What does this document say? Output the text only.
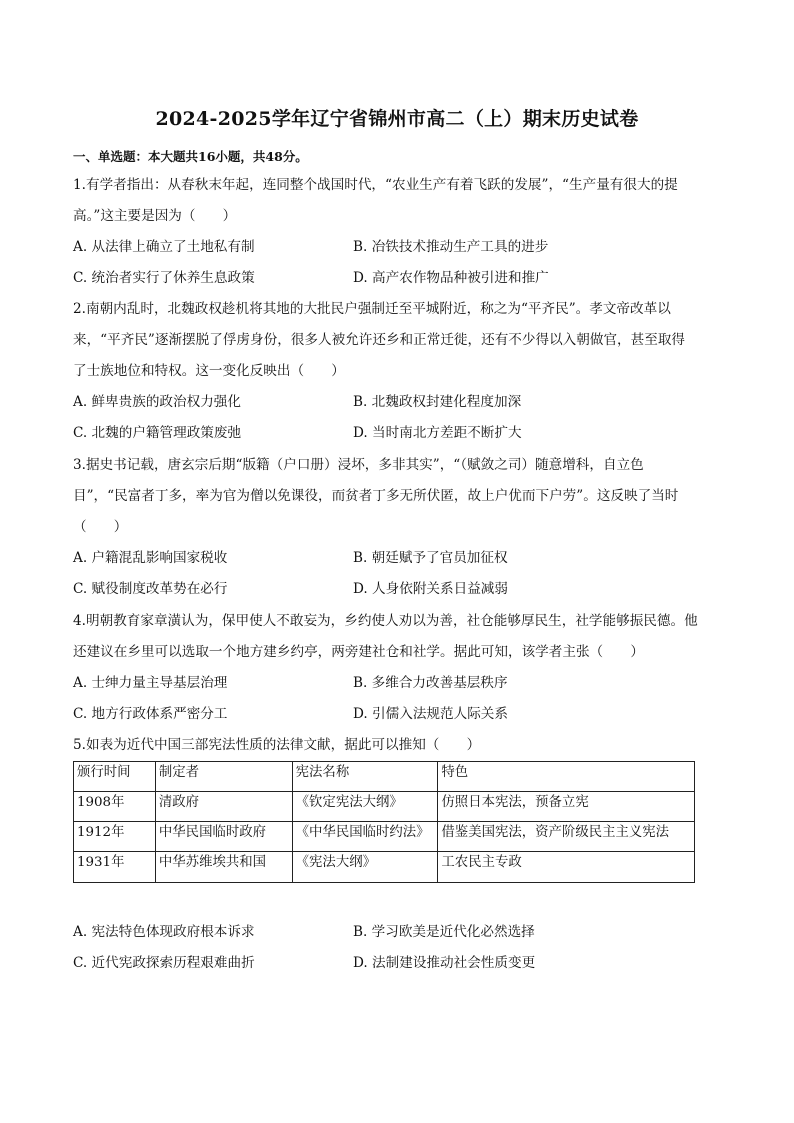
2024-2025学年辽宁省锦州市高二（上）期末历史试卷
一、单选题：本大题共16小题，共48分。
1.有学者指出：从春秋末年起，连同整个战国时代，“农业生产有着飞跃的发展”，“生产量有很大的提
高。”这主要是因为（　　）
A. 从法律上确立了土地私有制	B. 冶铁技术推动生产工具的进步
C. 统治者实行了休养生息政策	D. 高产农作物品种被引进和推广
2.南朝内乱时，北魏政权趁机将其地的大批民户强制迁至平城附近，称之为“平齐民”。孝文帝改革以
来，“平齐民”逐渐摆脱了俘虏身份，很多人被允许还乡和正常迁徙，还有不少得以入朝做官，甚至取得
了士族地位和特权。这一变化反映出（　　）
A. 鲜卑贵族的政治权力强化	B. 北魏政权封建化程度加深
C. 北魏的户籍管理政策废弛	D. 当时南北方差距不断扩大
3.据史书记载，唐玄宗后期“版籍（户口册）浸坏，多非其实”，“（赋敛之司）随意增科，自立色
目”，“民富者丁多，率为官为僧以免课役，而贫者丁多无所伏匿，故上户优而下户劳”。这反映了当时
（　　）
A. 户籍混乱影响国家税收	B. 朝廷赋予了官员加征权
C. 赋役制度改革势在必行	D. 人身依附关系日益减弱
4.明朝教育家章潢认为，保甲使人不敢妄为，乡约使人劝以为善，社仓能够厚民生，社学能够振民德。他
还建议在乡里可以选取一个地方建乡约亭，两旁建社仓和社学。据此可知，该学者主张（　　）
A. 士绅力量主导基层治理	B. 多维合力改善基层秩序
C. 地方行政体系严密分工	D. 引儒入法规范人际关系
5.如表为近代中国三部宪法性质的法律文献，据此可以推知（　　）
颁行时间	制定者	宪法名称	特色
1908年	清政府	《钦定宪法大纲》	仿照日本宪法，预备立宪
1912年	中华民国临时政府	《中华民国临时约法》	借鉴美国宪法，资产阶级民主主义宪法
1931年	中华苏维埃共和国	《宪法大纲》	工农民主专政
A. 宪法特色体现政府根本诉求	B. 学习欧美是近代化必然选择
C. 近代宪政探索历程艰难曲折	D. 法制建设推动社会性质变更
